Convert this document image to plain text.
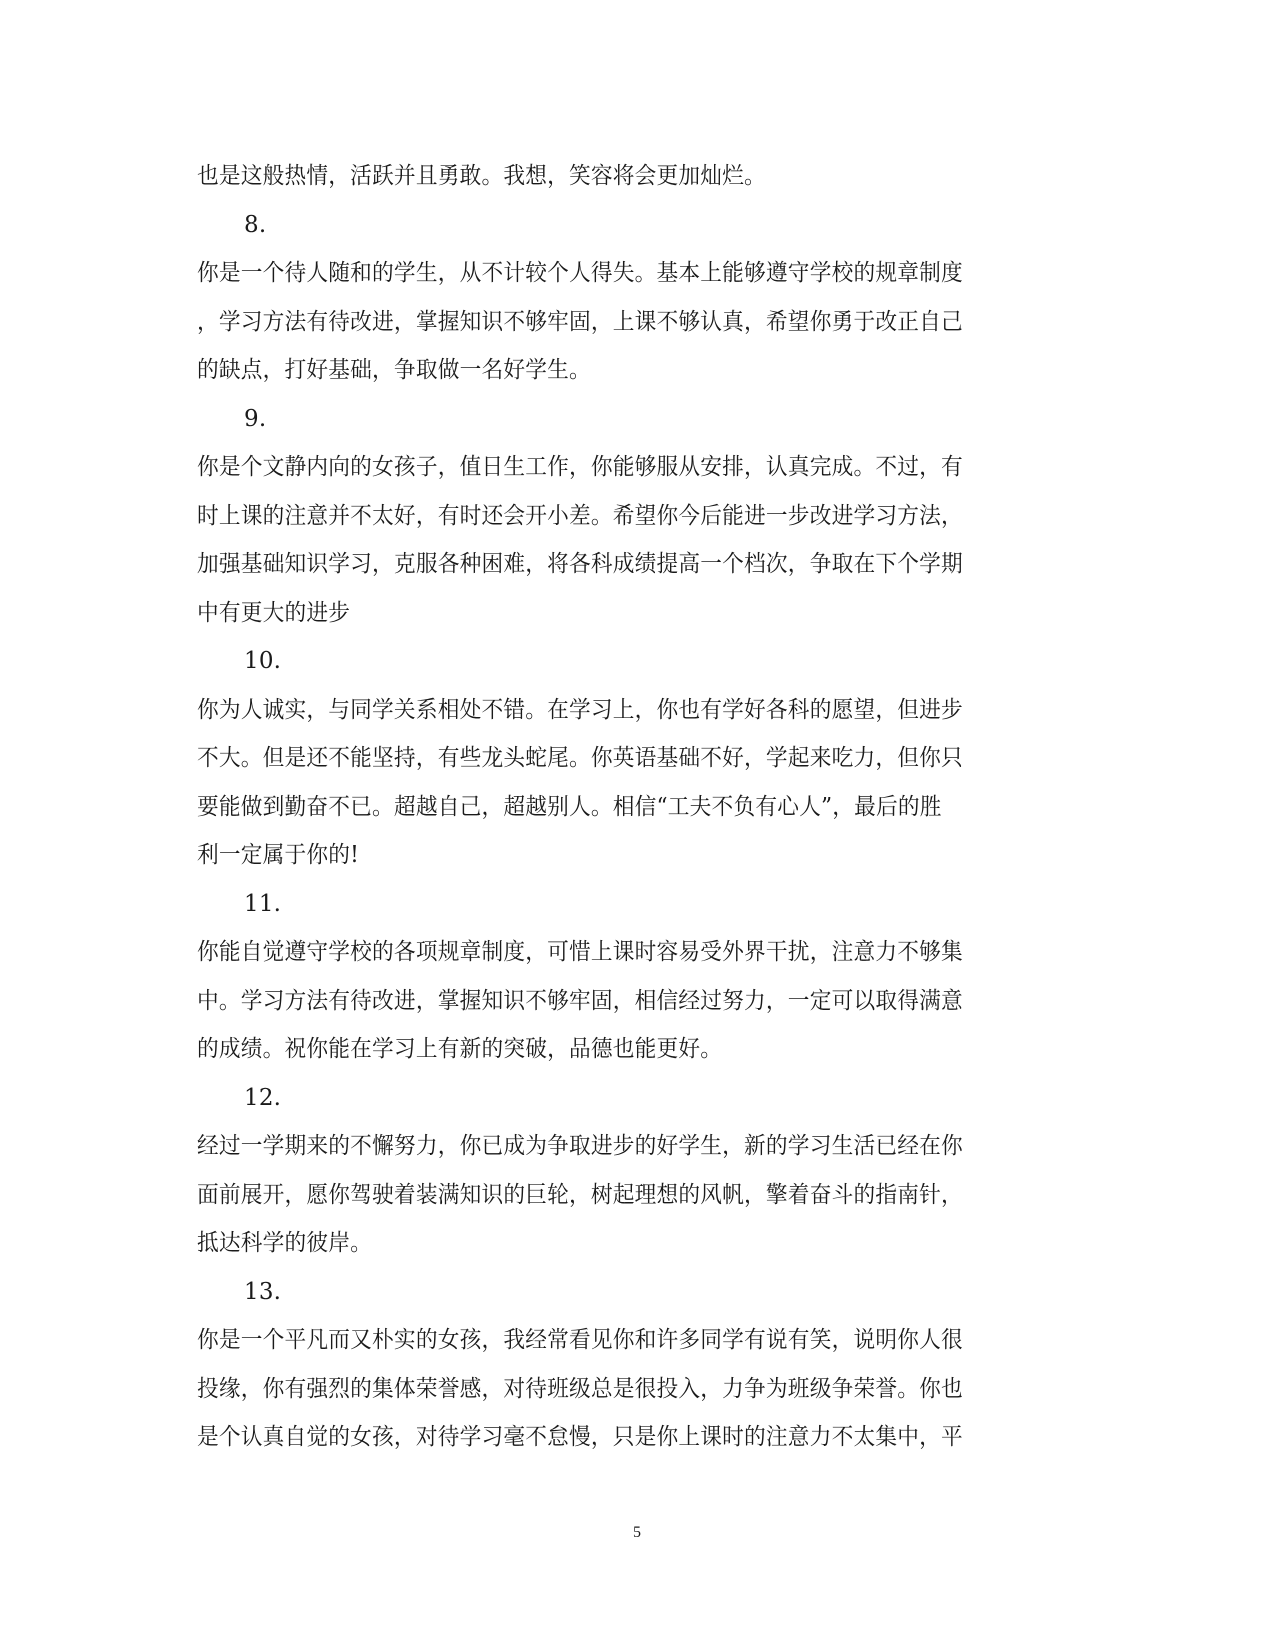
也是这般热情，活跃并且勇敢。我想，笑容将会更加灿烂。
8.
你是一个待人随和的学生，从不计较个人得失。基本上能够遵守学校的规章制度
，学习方法有待改进，掌握知识不够牢固，上课不够认真，希望你勇于改正自己
的缺点，打好基础，争取做一名好学生。
9.
你是个文静内向的女孩子，值日生工作，你能够服从安排，认真完成。不过，有
时上课的注意并不太好，有时还会开小差。希望你今后能进一步改进学习方法，
加强基础知识学习，克服各种困难，将各科成绩提高一个档次，争取在下个学期
中有更大的进步
10.
你为人诚实，与同学关系相处不错。在学习上，你也有学好各科的愿望，但进步
不大。但是还不能坚持，有些龙头蛇尾。你英语基础不好，学起来吃力，但你只
要能做到勤奋不已。超越自己，超越别人。相信“工夫不负有心人”，最后的胜
利一定属于你的!
11.
你能自觉遵守学校的各项规章制度，可惜上课时容易受外界干扰，注意力不够集
中。学习方法有待改进，掌握知识不够牢固，相信经过努力，一定可以取得满意
的成绩。祝你能在学习上有新的突破，品德也能更好。
12.
经过一学期来的不懈努力，你已成为争取进步的好学生，新的学习生活已经在你
面前展开，愿你驾驶着装满知识的巨轮，树起理想的风帆，擎着奋斗的指南针，
抵达科学的彼岸。
13.
你是一个平凡而又朴实的女孩，我经常看见你和许多同学有说有笑，说明你人很
投缘，你有强烈的集体荣誉感，对待班级总是很投入，力争为班级争荣誉。你也
是个认真自觉的女孩，对待学习毫不怠慢，只是你上课时的注意力不太集中，平
5
